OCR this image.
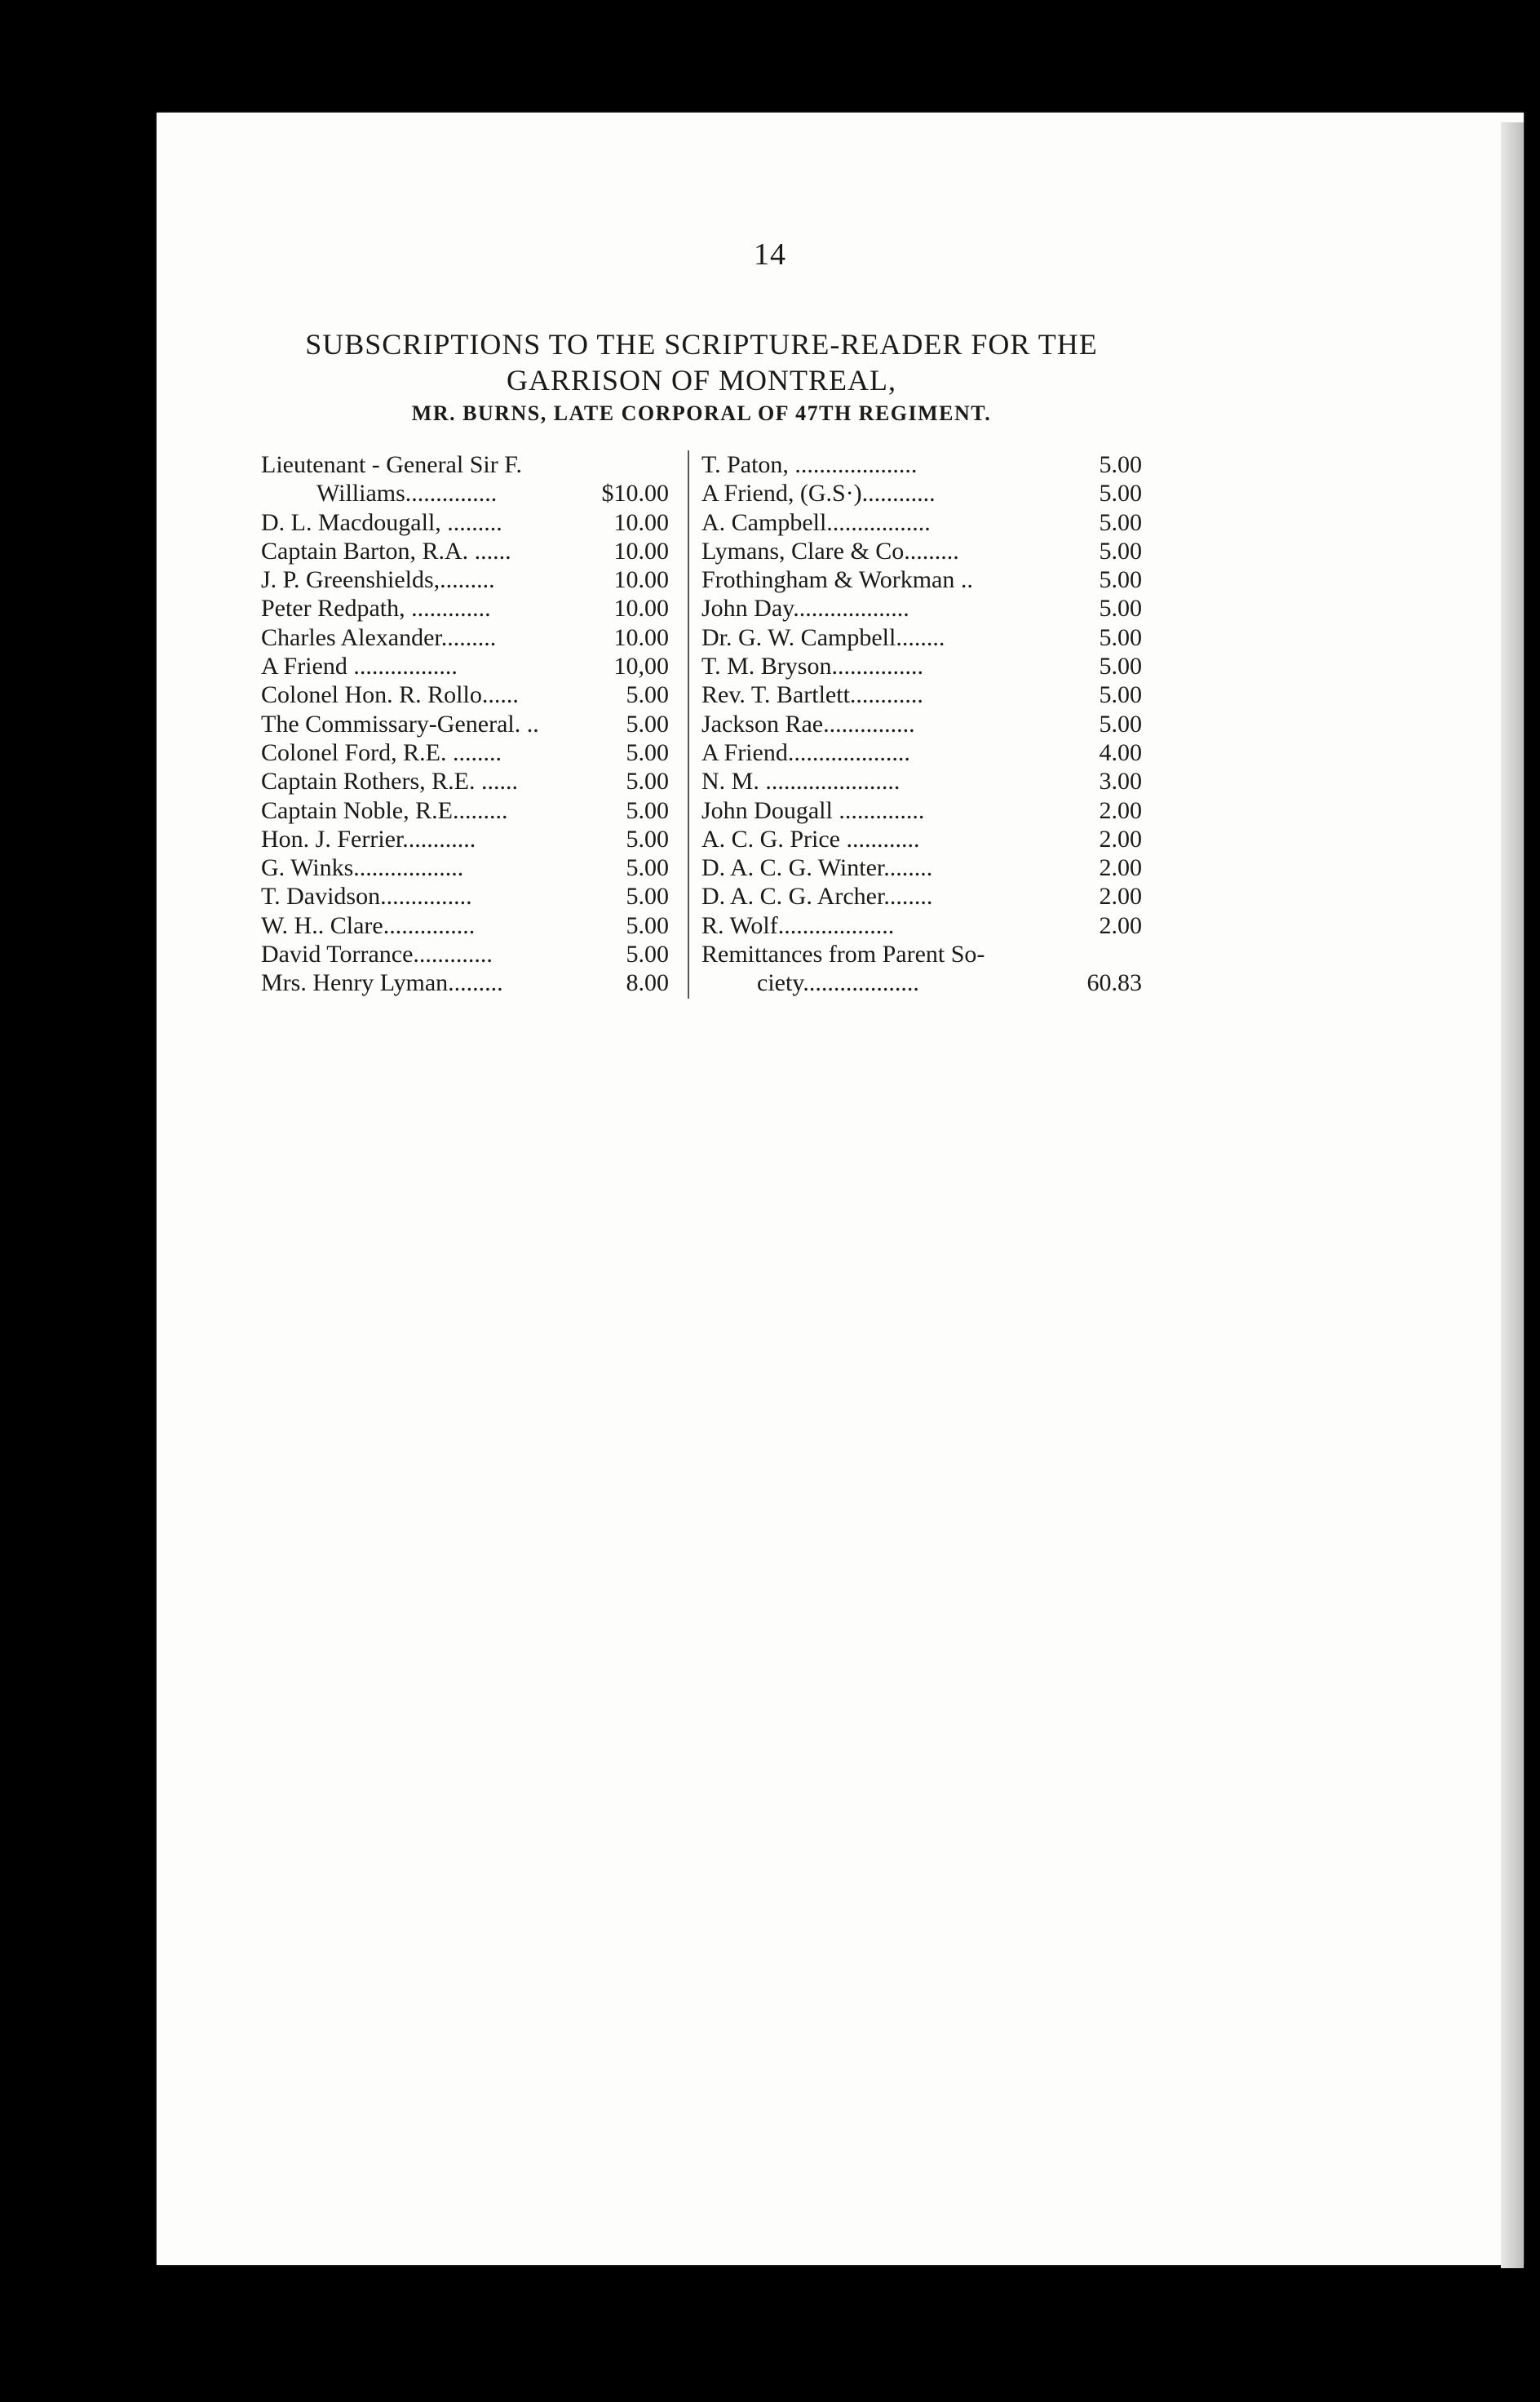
14
SUBSCRIPTIONS TO THE SCRIPTURE-READER FOR THE
GARRISON OF MONTREAL,
MR. BURNS, LATE CORPORAL OF 47TH REGIMENT.
Lieutenant - General Sir F.
Williams...............	$10.00
D. L. Macdougall, .........	10.00
Captain Barton, R.A. ......	10.00
J. P. Greenshields,.........	10.00
Peter Redpath, .............	10.00
Charles Alexander.........	10.00
A Friend .................	10,00
Colonel Hon. R. Rollo......	5.00
The Commissary-General. ..	5.00
Colonel Ford, R.E. ........	5.00
Captain Rothers, R.E. ......	5.00
Captain Noble, R.E.........	5.00
Hon. J. Ferrier............	5.00
G. Winks..................	5.00
T. Davidson...............	5.00
W. H.. Clare...............	5.00
David Torrance.............	5.00
Mrs. Henry Lyman.........	8.00
T. Paton, ....................	5.00
A Friend, (G.S·)............	5.00
A. Campbell.................	5.00
Lymans, Clare & Co.........	5.00
Frothingham & Workman ..	5.00
John Day...................	5.00
Dr. G. W. Campbell........	5.00
T. M. Bryson...............	5.00
Rev. T. Bartlett............	5.00
Jackson Rae...............	5.00
A Friend....................	4.00
N. M. ......................	3.00
John Dougall ..............	2.00
A. C. G. Price ............	2.00
D. A. C. G. Winter........	2.00
D. A. C. G. Archer........	2.00
R. Wolf...................	2.00
Remittances from Parent So-
ciety...................	60.83
